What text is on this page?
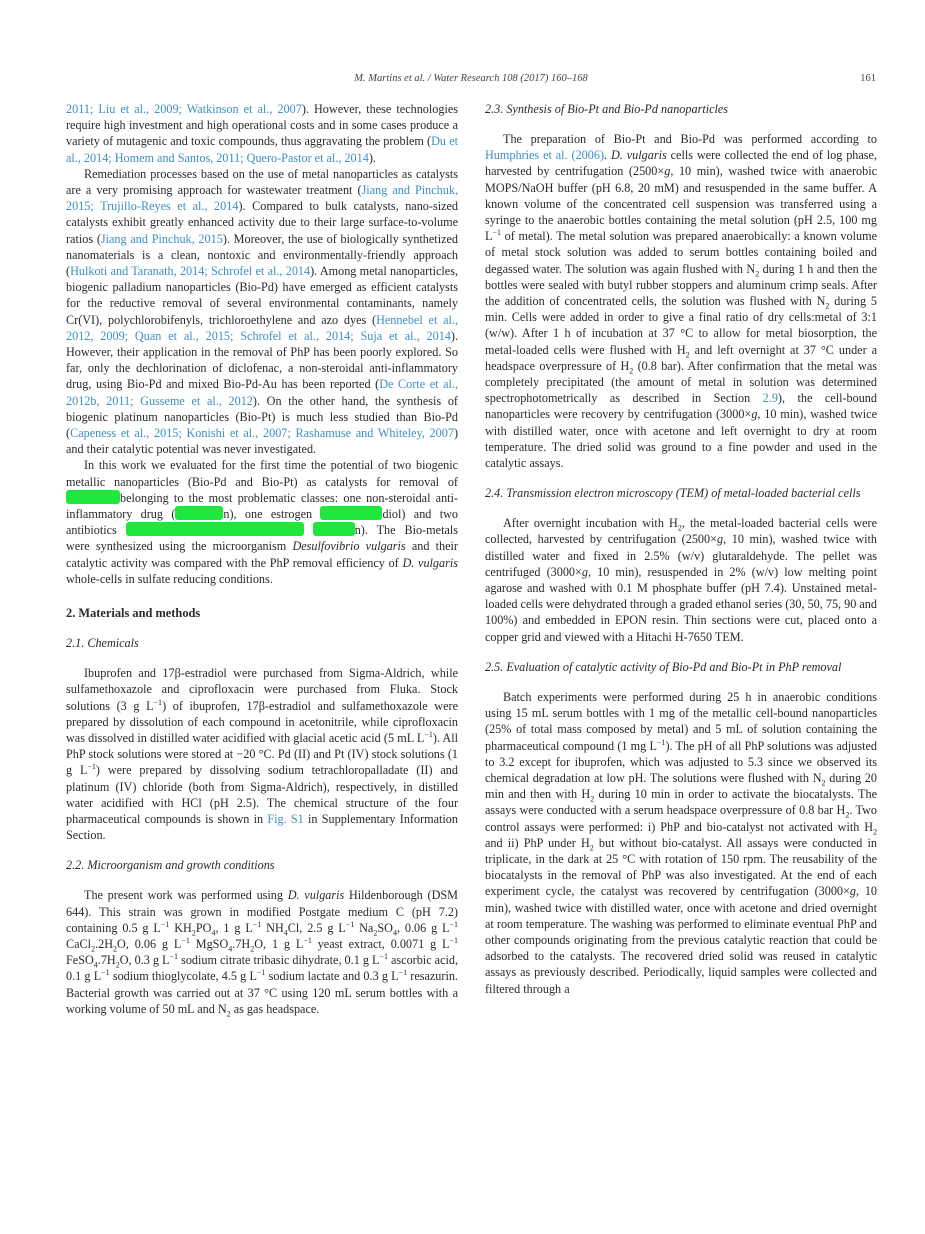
M. Martins et al. / Water Research 108 (2017) 160–168	161

2011; Liu et al., 2009; Watkinson et al., 2007). However, these technologies require high investment and high operational costs and in some cases produce a variety of mutagenic and toxic compounds, thus aggravating the problem (Du et al., 2014; Homem and Santos, 2011; Quero-Pastor et al., 2014).

Remediation processes based on the use of metal nanoparticles as catalysts are a very promising approach for wastewater treatment (Jiang and Pinchuk, 2015; Trujillo-Reyes et al., 2014). Compared to bulk catalysts, nano-sized catalysts exhibit greatly enhanced activity due to their large surface-to-volume ratios (Jiang and Pinchuk, 2015). Moreover, the use of biologically synthetized nanomaterials is a clean, nontoxic and environmentally-friendly approach (Hulkoti and Taranath, 2014; Schrofel et al., 2014). Among metal nanoparticles, biogenic palladium nanoparticles (Bio-Pd) have emerged as efficient catalysts for the reductive removal of several environmental contaminants, namely Cr(VI), polychlorobifenyls, trichloroethylene and azo dyes (Hennebel et al., 2012, 2009; Quan et al., 2015; Schrofel et al., 2014; Suja et al., 2014). However, their application in the removal of PhP has been poorly explored. So far, only the dechlorination of diclofenac, a non-steroidal anti-inflammatory drug, using Bio-Pd and mixed Bio-Pd-Au has been reported (De Corte et al., 2012b, 2011; Gusseme et al., 2012). On the other hand, the synthesis of biogenic platinum nanoparticles (Bio-Pt) is much less studied than Bio-Pd (Capeness et al., 2015; Konishi et al., 2007; Rashamuse and Whiteley, 2007) and their catalytic potential was never investigated.

In this work we evaluated for the first time the potential of two biogenic metallic nanoparticles (Bio-Pd and Bio-Pt) as catalysts for removal ofbelonging to the most problematic classes: one non-steroidal anti-inflammatory drug (	n), one estrogen	diol) and two antibiotics	n). The Bio-metals were synthesized using the microorganism Desulfovibrio vulgaris and their catalytic activity was compared with the PhP removal efficiency of D. vulgaris whole-cells in sulfate reducing conditions.

2. Materials and methods
2.1. Chemicals

Ibuprofen and 17β-estradiol were purchased from Sigma-Aldrich, while sulfamethoxazole and ciprofloxacin were purchased from Fluka. Stock solutions (3 g $L^{-1}$) of ibuprofen, 17β-estradiol and sulfamethoxazole were prepared by dissolution of each compound in acetonitrile, while ciprofloxacin was dissolved in distilled water acidified with glacial acetic acid (5 mL $L^{-1}$). All PhP stock solutions were stored at −20 °C. Pd (II) and Pt (IV) stock solutions (1 g $L^{-1}$) were prepared by dissolving sodium tetrachloropalladate (II) and platinum (IV) chloride (both from Sigma-Aldrich), respectively, in distilled water acidified with HCl (pH 2.5). The chemical structure of the four pharmaceutical compounds is shown in Fig. S1 in Supplementary Information Section.

2.2. Microorganism and growth conditions

The present work was performed using D. vulgaris Hildenborough (DSM 644). This strain was grown in modified Postgate medium C (pH 7.2) containing 0.5 g $L^{-1}$ $KH_2PO_4$, 1 g $L^{-1}$ $NH_4Cl$, 2.5 g $L^{-1}$ $Na_2SO_4$, 0.06 g $L^{-1}$ $CaCl_2.2H_2O$, 0.06 g $L^{-1}$ $MgSO_4.7H_2O$, 1 g $L^{-1}$ yeast extract, 0.0071 g $L^{-1}$ $FeSO_4.7H_2O$, 0.3 g $L^{-1}$ sodium citrate tribasic dihydrate, 0.1 g $L^{-1}$ ascorbic acid, 0.1 g $L^{-1}$ sodium thioglycolate, 4.5 g $L^{-1}$ sodium lactate and 0.3 g $L^{-1}$ resazurin. Bacterial growth was carried out at 37 °C using 120 mL serum bottles with a working volume of 50 mL and $N_2$ as gas headspace.

2.3. Synthesis of Bio-Pt and Bio-Pd nanoparticles

The preparation of Bio-Pt and Bio-Pd was performed according to Humphries et al. (2006). D. vulgaris cells were collected the end of log phase, harvested by centrifugation (2500×g, 10 min), washed twice with anaerobic MOPS/NaOH buffer (pH 6.8, 20 mM) and resuspended in the same buffer. A known volume of the concentrated cell suspension was transferred using a syringe to the anaerobic bottles containing the metal solution (pH 2.5, 100 mg $L^{-1}$ of metal). The metal solution was prepared anaerobically: a known volume of metal stock solution was added to serum bottles containing boiled and degassed water. The solution was again flushed with $N_2$ during 1 h and then the bottles were sealed with butyl rubber stoppers and aluminum crimp seals. After the addition of concentrated cells, the solution was flushed with $N_2$ during 5 min. Cells were added in order to give a final ratio of dry cells:metal of 3:1 (w/w). After 1 h of incubation at 37 °C to allow for metal biosorption, the metal-loaded cells were flushed with $H_2$ and left overnight at 37 °C under a headspace overpressure of $H_2$ (0.8 bar). After confirmation that the metal was completely precipitated (the amount of metal in solution was determined spectrophotometrically as described in Section 2.9), the cell-bound nanoparticles were recovery by centrifugation (3000×g, 10 min), washed twice with distilled water, once with acetone and left overnight to dry at room temperature. The dried solid was ground to a fine powder and used in the catalytic assays.

2.4. Transmission electron microscopy (TEM) of metal-loaded bacterial cells

After overnight incubation with $H_2$, the metal-loaded bacterial cells were collected, harvested by centrifugation (2500×g, 10 min), washed twice with distilled water and fixed in 2.5% (w/v) glutaraldehyde. The pellet was centrifuged (3000×g, 10 min), resuspended in 2% (w/v) low melting point agarose and washed with 0.1 M phosphate buffer (pH 7.4). Unstained metal-loaded cells were dehydrated through a graded ethanol series (30, 50, 75, 90 and 100%) and embedded in EPON resin. Thin sections were cut, placed onto a copper grid and viewed with a Hitachi H-7650 TEM.

2.5. Evaluation of catalytic activity of Bio-Pd and Bio-Pt in PhP removal

Batch experiments were performed during 25 h in anaerobic conditions using 15 mL serum bottles with 1 mg of the metallic cell-bound nanoparticles (25% of total mass composed by metal) and 5 mL of solution containing the pharmaceutical compound (1 mg $L^{-1}$). The pH of all PhP solutions was adjusted to 3.2 except for ibuprofen, which was adjusted to 5.3 since we observed its chemical degradation at low pH. The solutions were flushed with $N_2$ during 20 min and then with $H_2$ during 10 min in order to activate the biocatalysts. The assays were conducted with a serum headspace overpressure of 0.8 bar $H_2$. Two control assays were performed: i) PhP and bio-catalyst not activated with $H_2$ and ii) PhP under $H_2$ but without bio-catalyst. All assays were conducted in triplicate, in the dark at 25 °C with rotation of 150 rpm. The reusability of the biocatalysts in the removal of PhP was also investigated. At the end of each experiment cycle, the catalyst was recovered by centrifugation (3000×g, 10 min), washed twice with distilled water, once with acetone and dried overnight at room temperature. The washing was performed to eliminate eventual PhP and other compounds originating from the previous catalytic reaction that could be adsorbed to the catalysts. The recovered dried solid was reused in catalytic assays as previously described. Periodically, liquid samples were collected and filtered through a
